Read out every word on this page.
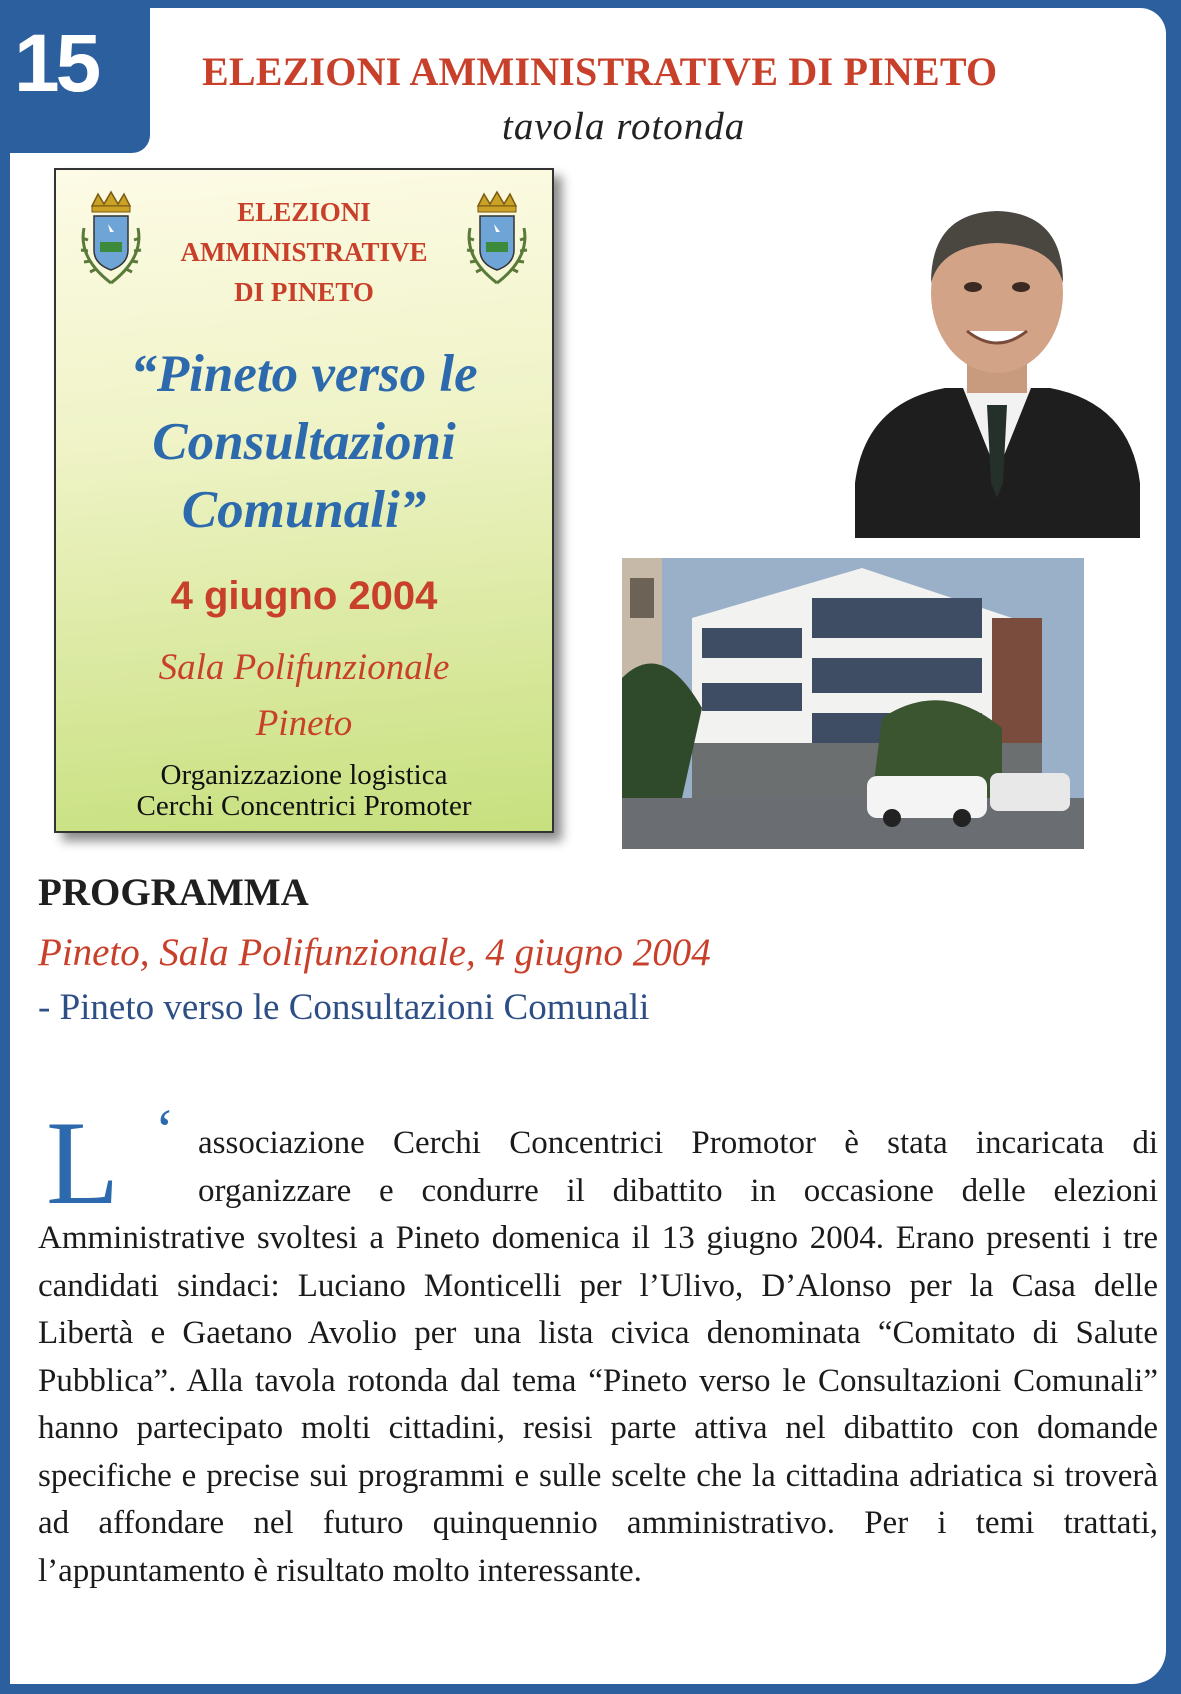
15	ELEZIONI AMMINISTRATIVE DI PINETO
tavola rotonda
ELEZIONI
AMMINISTRATIVE
DI PINETO
“Pineto verso le
Consultazioni
Comunali”
4 giugno 2004
Sala Polifunzionale
Pineto
Organizzazione logistica
Cerchi Concentrici Promoter
PROGRAMMA
Pineto, Sala Polifunzionale, 4 giugno 2004
- Pineto verso le Consultazioni Comunali
L ‘ associazione Cerchi Concentrici Promotor è stata incaricata di organizzare e condurre il dibattito in occasione delle elezioni Amministrative svoltesi a Pineto domenica il 13 giugno 2004. Erano presenti i tre candidati sindaci: Luciano Monticelli per l’Ulivo, D’Alonso per la Casa delle Libertà e Gaetano Avolio per una lista civica denominata “Comitato di Salute Pubblica”. Alla tavola rotonda dal tema “Pineto verso le Consultazioni Comunali” hanno partecipato molti cittadini, resisi parte attiva nel dibattito con domande specifiche e precise sui programmi e sulle scelte che la cittadina adriatica si troverà ad affondare nel futuro quinquennio amministrativo. Per i temi trattati, l’appuntamento è risultato molto interessante.
